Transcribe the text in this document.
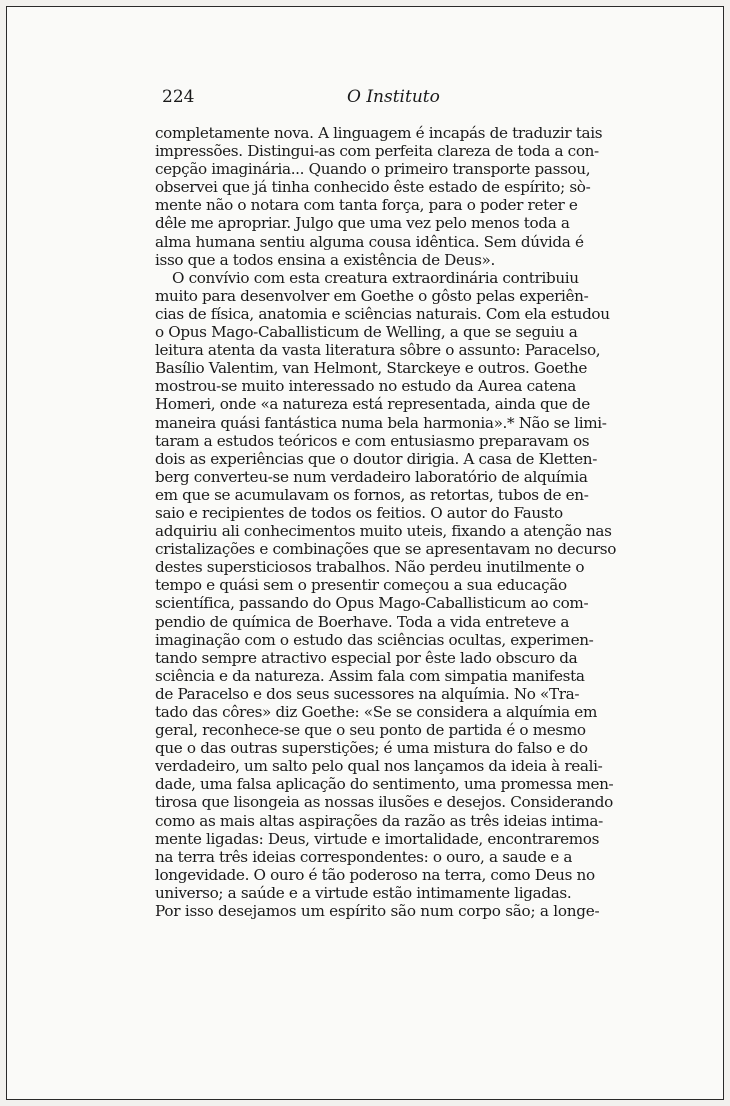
224	O Instituto
completamente nova. A linguagem é incapás de traduzir tais
impressões. Distingui-as com perfeita clareza de toda a con-
cepção imaginária... Quando o primeiro transporte passou,
observei que já tinha conhecido êste estado de espírito; sò-
mente não o notara com tanta força, para o poder reter e
dêle me apropriar. Julgo que uma vez pelo menos toda a
alma humana sentiu alguma cousa idêntica. Sem dúvida é
isso que a todos ensina a existência de Deus».
O convívio com esta creatura extraordinária contribuiu
muito para desenvolver em Goethe o gôsto pelas experiên-
cias de física, anatomia e sciências naturais. Com ela estudou
o Opus Mago-Caballisticum de Welling, a que se seguiu a
leitura atenta da vasta literatura sôbre o assunto: Paracelso,
Basílio Valentim, van Helmont, Starckeye e outros. Goethe
mostrou-se muito interessado no estudo da Aurea catena
Homeri, onde «a natureza está representada, ainda que de
maneira quási fantástica numa bela harmonia».* Não se limi-
taram a estudos teóricos e com entusiasmo preparavam os
dois as experiências que o doutor dirigia. A casa de Kletten-
berg converteu-se num verdadeiro laboratório de alquímia
em que se acumulavam os fornos, as retortas, tubos de en-
saio e recipientes de todos os feitios. O autor do Fausto
adquiriu ali conhecimentos muito uteis, fixando a atenção nas
cristalizações e combinações que se apresentavam no decurso
destes supersticiosos trabalhos. Não perdeu inutilmente o
tempo e quási sem o presentir começou a sua educação
scientífica, passando do Opus Mago-Caballisticum ao com-
pendio de química de Boerhave. Toda a vida entreteve a
imaginação com o estudo das sciências ocultas, experimen-
tando sempre atractivo especial por êste lado obscuro da
sciência e da natureza. Assim fala com simpatia manifesta
de Paracelso e dos seus sucessores na alquímia. No «Tra-
tado das côres» diz Goethe: «Se se considera a alquímia em
geral, reconhece-se que o seu ponto de partida é o mesmo
que o das outras superstições; é uma mistura do falso e do
verdadeiro, um salto pelo qual nos lançamos da ideia à reali-
dade, uma falsa aplicação do sentimento, uma promessa men-
tirosa que lisongeia as nossas ilusões e desejos. Considerando
como as mais altas aspirações da razão as três ideias intima-
mente ligadas: Deus, virtude e imortalidade, encontraremos
na terra três ideias correspondentes: o ouro, a saude e a
longevidade. O ouro é tão poderoso na terra, como Deus no
universo; a saúde e a virtude estão intimamente ligadas.
Por isso desejamos um espírito são num corpo são; a longe-
